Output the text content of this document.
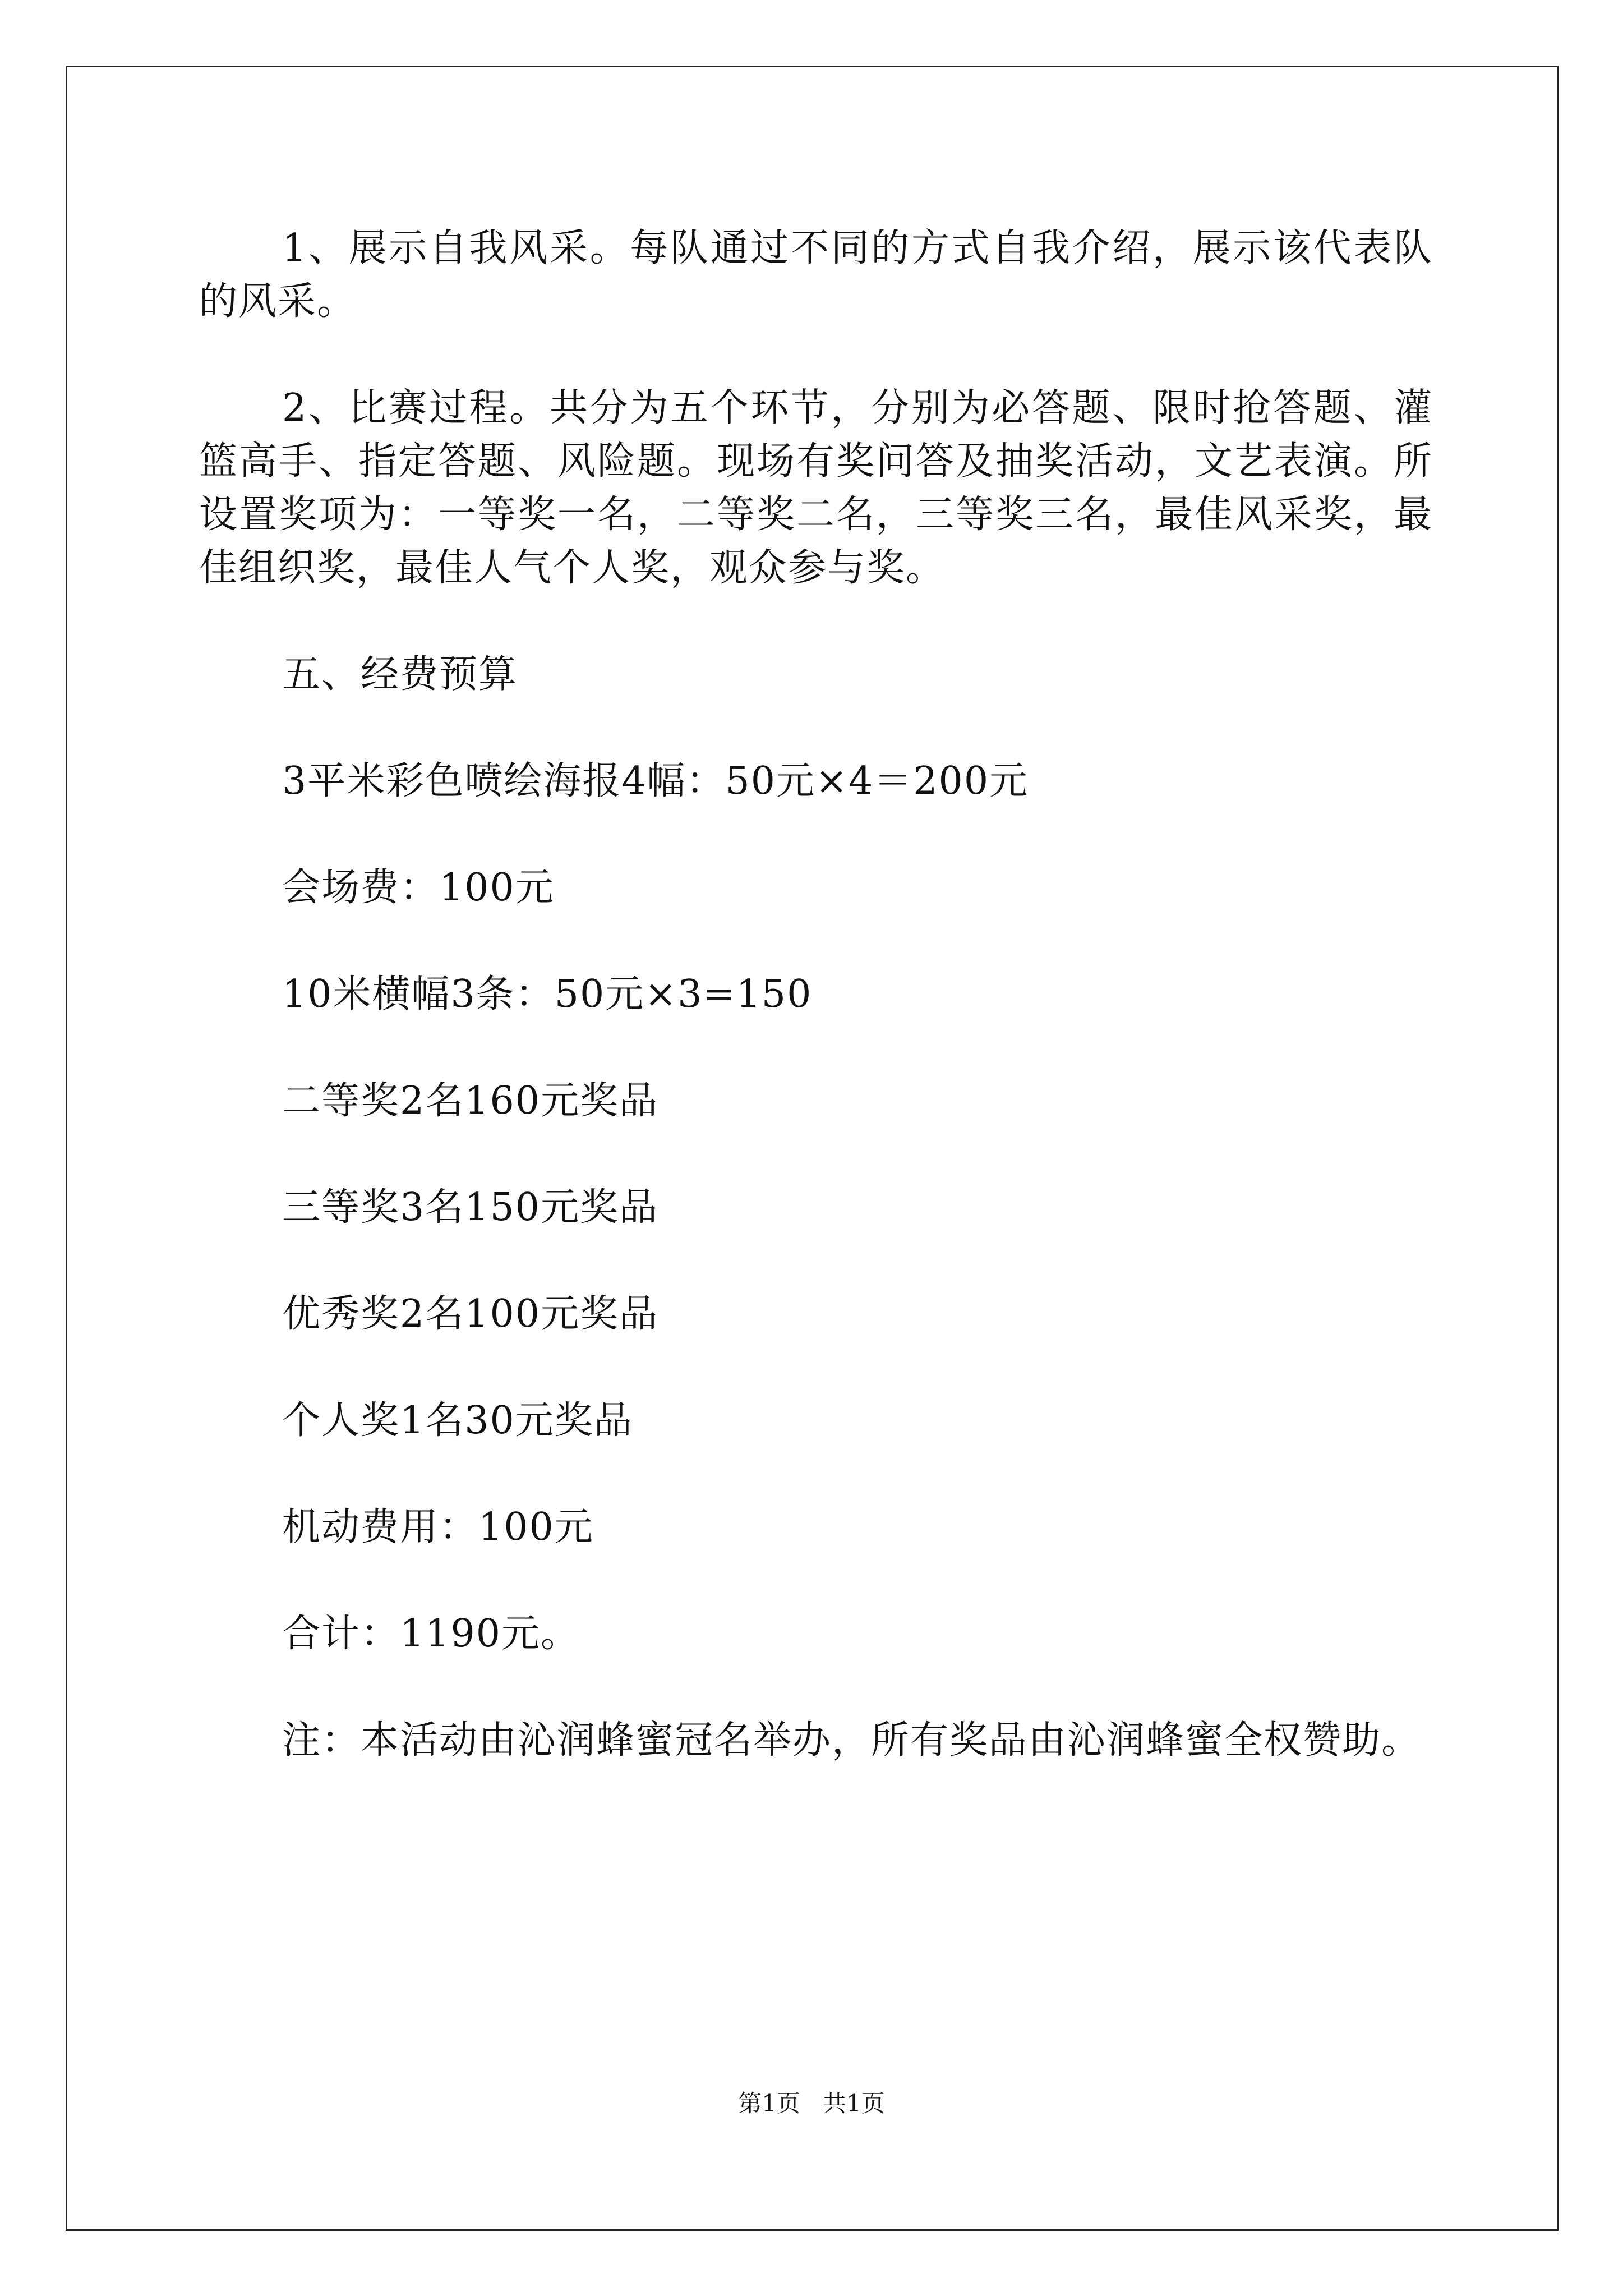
1、展示自我风采。每队通过不同的方式自我介绍，展示该代表队的风采。

2、比赛过程。共分为五个环节，分别为必答题、限时抢答题、灌篮高手、指定答题、风险题。现场有奖问答及抽奖活动，文艺表演。所设置奖项为：一等奖一名，二等奖二名，三等奖三名，最佳风采奖，最佳组织奖，最佳人气个人奖，观众参与奖。

五、经费预算

3平米彩色喷绘海报4幅：50元×4＝200元

会场费：100元

10米横幅3条：50元×3=150

二等奖2名160元奖品

三等奖3名150元奖品

优秀奖2名100元奖品

个人奖1名30元奖品

机动费用：100元

合计：1190元。

注：本活动由沁润蜂蜜冠名举办，所有奖品由沁润蜂蜜全权赞助。

第1页 共1页
